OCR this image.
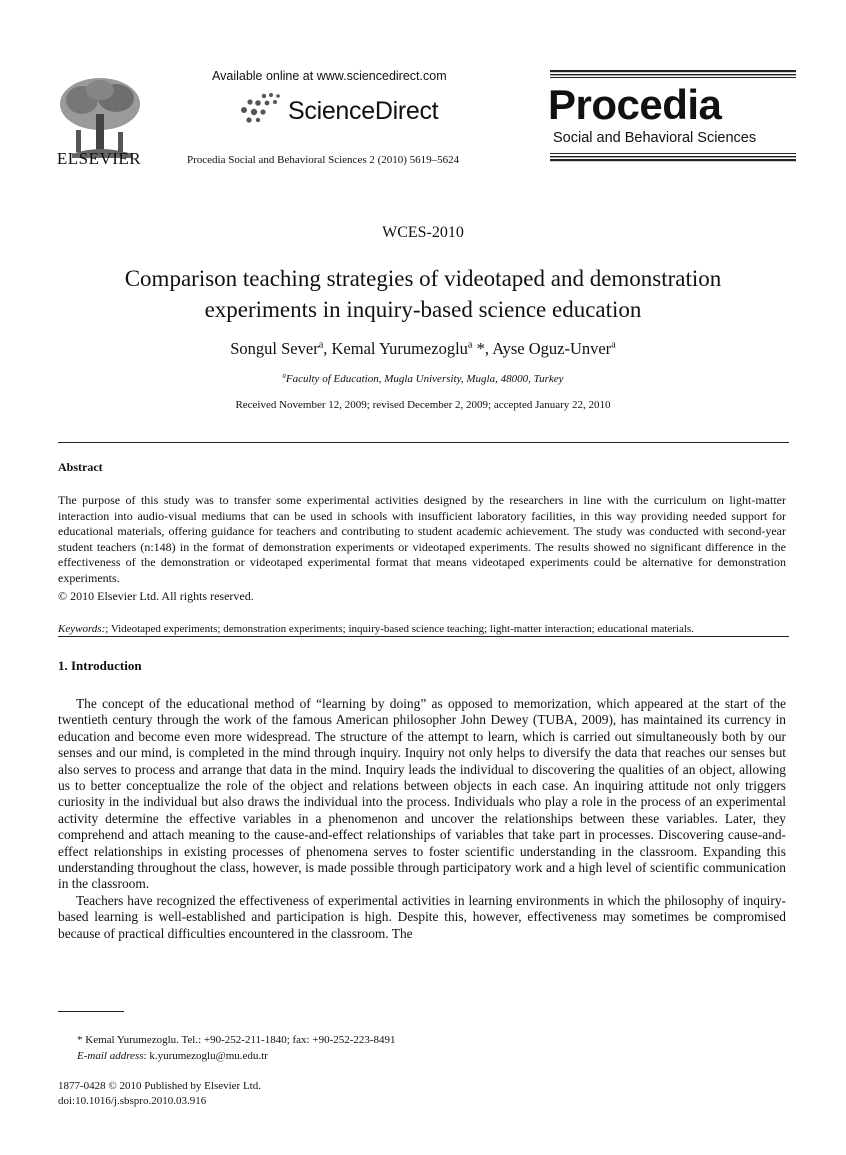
ELSEVIER
Available online at www.sciencedirect.com
ScienceDirect
Procedia Social and Behavioral Sciences 2 (2010) 5619–5624
Procedia
Social and Behavioral Sciences
WCES-2010
Comparison teaching strategies of videotaped and demonstration
experiments in inquiry-based science education
Songul Sever$^a$, Kemal Yurumezoglu$^a$ *, Ayse Oguz-Unver$^a$
$^a$Faculty of Education, Mugla University, Mugla, 48000, Turkey
Received November 12, 2009; revised December 2, 2009; accepted January 22, 2010
Abstract
The purpose of this study was to transfer some experimental activities designed by the researchers in line with the curriculum on light-matter interaction into audio-visual mediums that can be used in schools with insufficient laboratory facilities, in this way providing needed support for educational materials, offering guidance for teachers and contributing to student academic achievement. The study was conducted with second-year student teachers (n:148) in the format of demonstration experiments or videotaped experiments. The results showed no significant difference in the effectiveness of the demonstration or videotaped experimental format that means videotaped experiments could be alternative for demonstration experiments.
© 2010 Elsevier Ltd. All rights reserved.
Keywords:; Videotaped experiments; demonstration experiments; inquiry-based science teaching; light-matter interaction; educational materials.
1. Introduction

The concept of the educational method of “learning by doing” as opposed to memorization, which appeared at the start of the twentieth century through the work of the famous American philosopher John Dewey (TUBA, 2009), has maintained its currency in education and become even more widespread. The structure of the attempt to learn, which is carried out simultaneously both by our senses and our mind, is completed in the mind through inquiry. Inquiry not only helps to diversify the data that reaches our senses but also serves to process and arrange that data in the mind. Inquiry leads the individual to discovering the qualities of an object, allowing us to better conceptualize the role of the object and relations between objects in each case. An inquiring attitude not only triggers curiosity in the individual but also draws the individual into the process. Individuals who play a role in the process of an experimental activity determine the effective variables in a phenomenon and uncover the relationships between these variables. Later, they comprehend and attach meaning to the cause-and-effect relationships of variables that take part in processes. Discovering cause-and-effect relationships in existing processes of phenomena serves to foster scientific understanding in the classroom. Expanding this understanding throughout the class, however, is made possible through participatory work and a high level of scientific communication in the classroom.

Teachers have recognized the effectiveness of experimental activities in learning environments in which the philosophy of inquiry-based learning is well-established and participation is high. Despite this, however, effectiveness may sometimes be compromised because of practical difficulties encountered in the classroom. The

* Kemal Yurumezoglu. Tel.: +90-252-211-1840; fax: +90-252-223-8491
E-mail address: k.yurumezoglu@mu.edu.tr
1877-0428 © 2010 Published by Elsevier Ltd.
doi:10.1016/j.sbspro.2010.03.916
